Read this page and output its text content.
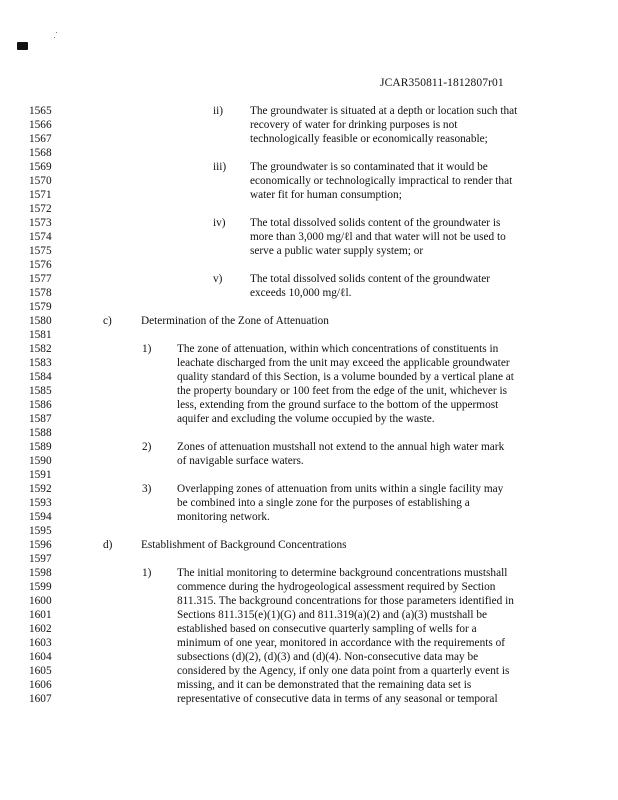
JCAR350811-1812807r01
1565	ii) The groundwater is situated at a depth or location such that
1566	recovery of water for drinking purposes is not
1567	technologically feasible or economically reasonable;
1568
1569	iii) The groundwater is so contaminated that it would be
1570	economically or technologically impractical to render that
1571	water fit for human consumption;
1572
1573	iv) The total dissolved solids content of the groundwater is
1574	more than 3,000 mg/ℓl and that water will not be used to
1575	serve a public water supply system; or
1576
1577	v) The total dissolved solids content of the groundwater
1578	exceeds 10,000 mg/ℓl.
1579
1580	c)	Determination of the Zone of Attenuation
1581
1582	1) The zone of attenuation, within which concentrations of constituents in
1583	leachate discharged from the unit may exceed the applicable groundwater
1584	quality standard of this Section, is a volume bounded by a vertical plane at
1585	the property boundary or 100 feet from the edge of the unit, whichever is
1586	less, extending from the ground surface to the bottom of the uppermost
1587	aquifer and excluding the volume occupied by the waste.
1588
1589	2) Zones of attenuation mustshall not extend to the annual high water mark
1590	of navigable surface waters.
1591
1592	3) Overlapping zones of attenuation from units within a single facility may
1593	be combined into a single zone for the purposes of establishing a
1594	monitoring network.
1595
1596	d)	Establishment of Background Concentrations
1597
1598	1) The initial monitoring to determine background concentrations mustshall
1599	commence during the hydrogeological assessment required by Section
1600	811.315. The background concentrations for those parameters identified in
1601	Sections 811.315(e)(1)(G) and 811.319(a)(2) and (a)(3) mustshall be
1602	established based on consecutive quarterly sampling of wells for a
1603	minimum of one year, monitored in accordance with the requirements of
1604	subsections (d)(2), (d)(3) and (d)(4). Non-consecutive data may be
1605	considered by the Agency, if only one data point from a quarterly event is
1606	missing, and it can be demonstrated that the remaining data set is
1607	representative of consecutive data in terms of any seasonal or temporal
